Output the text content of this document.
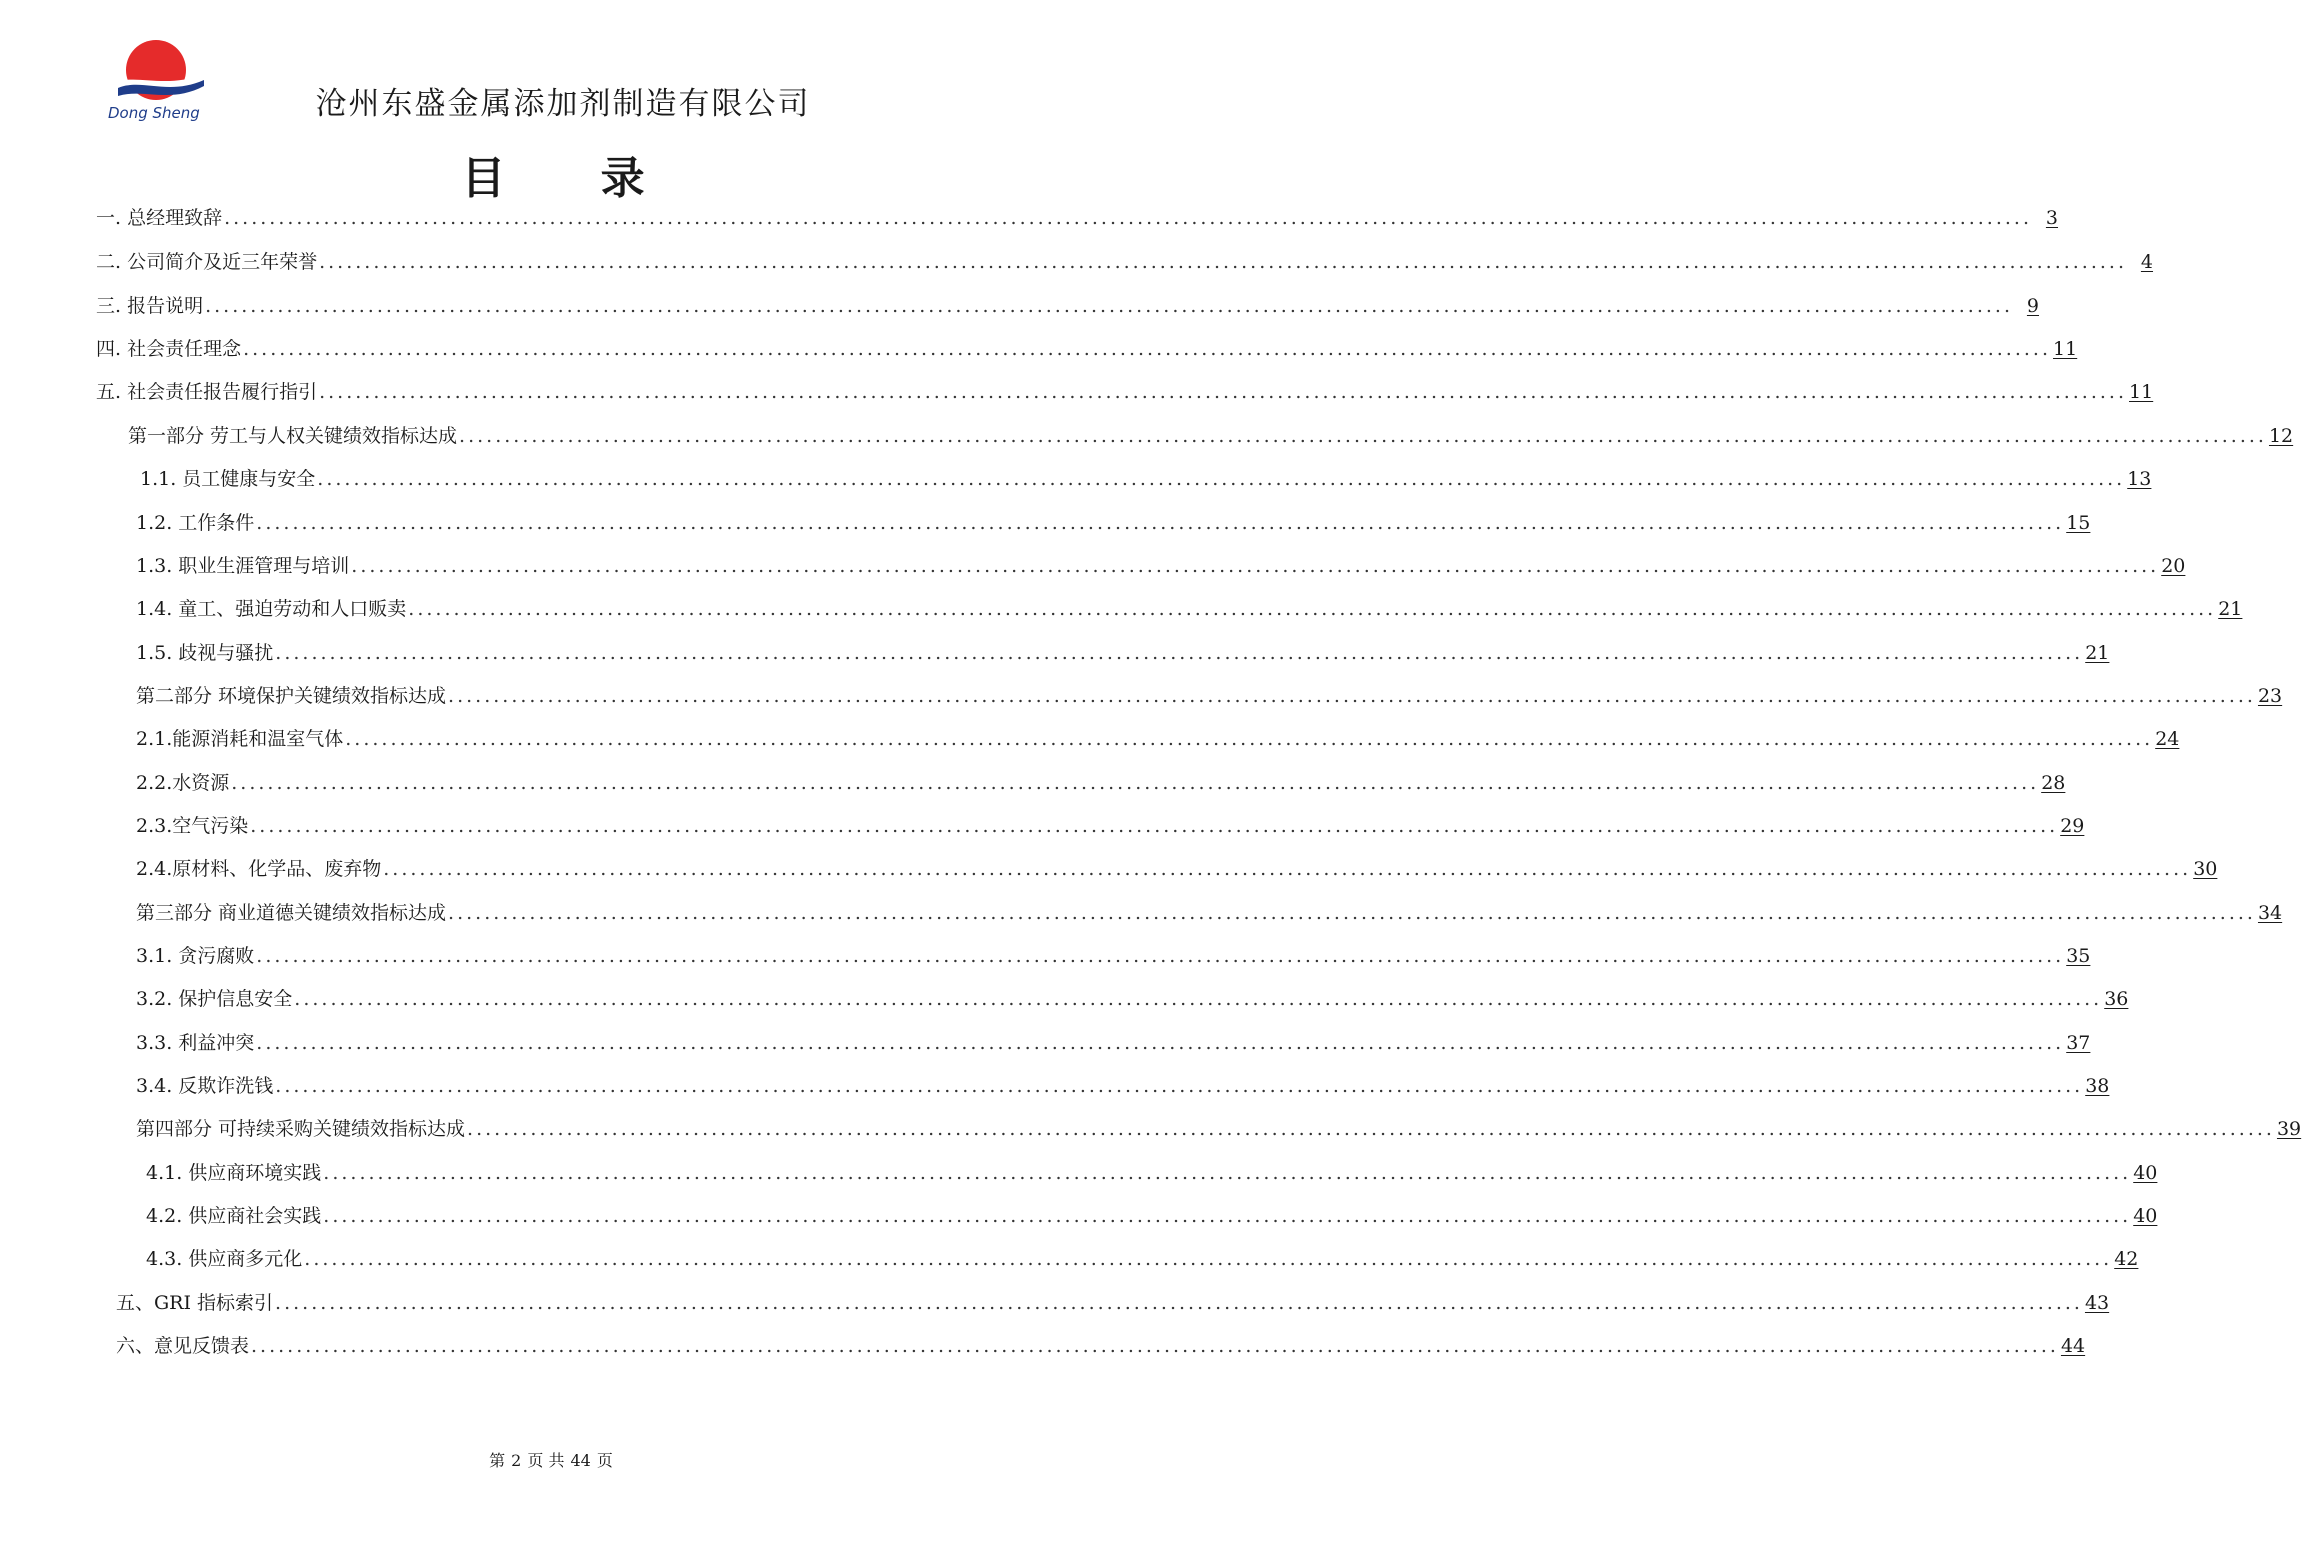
Dong Sheng	沧州东盛金属添加剂制造有限公司
目 录
一. 总经理致辞 ........................................................................................................................................................................................................ 3
二. 公司简介及近三年荣誉 ........................................................................................................................................................................................................ 4
三. 报告说明 ........................................................................................................................................................................................................ 9
四. 社会责任理念 ........................................................................................................................................................................................................ 11
五. 社会责任报告履行指引 ........................................................................................................................................................................................................ 11
第一部分 劳工与人权关键绩效指标达成 ........................................................................................................................................................................................................ 12
1.1. 员工健康与安全 ........................................................................................................................................................................................................ 13
1.2. 工作条件 ........................................................................................................................................................................................................ 15
1.3. 职业生涯管理与培训 ........................................................................................................................................................................................................ 20
1.4. 童工、强迫劳动和人口贩卖 ........................................................................................................................................................................................................ 21
1.5. 歧视与骚扰 ........................................................................................................................................................................................................ 21
第二部分 环境保护关键绩效指标达成 ........................................................................................................................................................................................................ 23
2.1.能源消耗和温室气体 ........................................................................................................................................................................................................ 24
2.2.水资源 ........................................................................................................................................................................................................ 28
2.3.空气污染 ........................................................................................................................................................................................................ 29
2.4.原材料、化学品、废弃物 ........................................................................................................................................................................................................ 30
第三部分 商业道德关键绩效指标达成 ........................................................................................................................................................................................................ 34
3.1. 贪污腐败 ........................................................................................................................................................................................................ 35
3.2. 保护信息安全 ........................................................................................................................................................................................................ 36
3.3. 利益冲突 ........................................................................................................................................................................................................ 37
3.4. 反欺诈洗钱 ........................................................................................................................................................................................................ 38
第四部分 可持续采购关键绩效指标达成 ........................................................................................................................................................................................................ 39
4.1. 供应商环境实践 ........................................................................................................................................................................................................ 40
4.2. 供应商社会实践 ........................................................................................................................................................................................................ 40
4.3. 供应商多元化 ........................................................................................................................................................................................................ 42
五、GRI 指标索引 ........................................................................................................................................................................................................ 43
六、意见反馈表 ........................................................................................................................................................................................................ 44
第 2 页 共 44 页
